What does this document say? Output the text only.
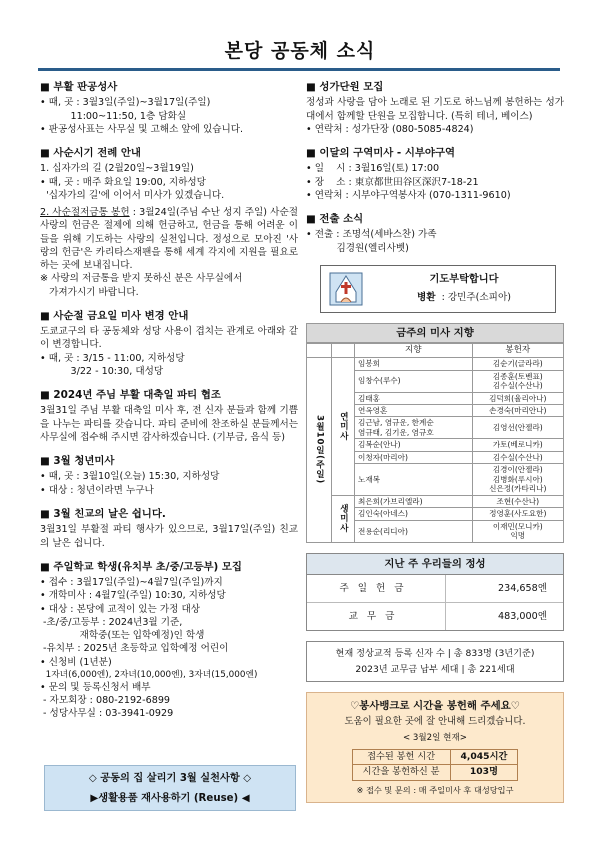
본당 공동체 소식
■ 부활 판공성사
• 때, 곳 : 3월3일(주일)~3월17일(주일)
11:00~11:50, 1층 담화실
• 판공성사표는 사무실 및 고해소 앞에 있습니다.
■ 사순시기 전례 안내
1. 십자가의 길 (2월20일~3월19일)
• 때, 곳 : 매주 화요일 19:00, 지하성당
'십자가의 길'에 이어서 미사가 있겠습니다.
2. 사순절저금통 봉헌 : 3월24일(주님 수난 성지 주일) 사순절 사랑의 헌금은 절제에 의해 헌금하고, 헌금을 통해 어려운 이들을 위해 기도하는 사랑의 실천입니다. 정성으로 모아진 '사랑의 헌금'은 카리타스재팬을 통해 세계 각지에 지원을 필요로 하는 곳에 보내집니다.
※ 사랑의 저금통을 받지 못하신 분은 사무실에서
가져가시기 바랍니다.
■ 사순절 금요일 미사 변경 안내
도쿄교구의 타 공동체와 성당 사용이 겹치는 관계로 아래와 같이 변경합니다.
• 때, 곳 : 3/15 - 11:00, 지하성당
3/22 - 10:30, 대성당
■ 2024년 주님 부활 대축일 파티 협조
3월31일 주님 부활 대축일 미사 후, 전 신자 분들과 함께 기쁨을 나누는 파티를 갖습니다. 파티 준비에 찬조하실 분들께서는 사무실에 접수해 주시면 감사하겠습니다. (기부금, 음식 등)
■ 3월 청년미사
• 때, 곳 : 3월10일(오늘) 15:30, 지하성당
• 대상 : 청년이라면 누구나
■ 3월 친교의 날은 쉽니다.
3월31일 부활절 파티 행사가 있으므로, 3월17일(주일) 친교의 날은 쉽니다.
■ 주일학교 학생(유치부 초/중/고등부) 모집
• 접수 : 3월17일(주일)~4월7일(주일)까지
• 개학미사 : 4월7일(주일) 10:30, 지하성당
• 대상 : 본당에 교적이 있는 가정 대상
-초/중/고등부 : 2024년3월 기준,
재학중(또는 입학예정)인 학생
-유치부 : 2025년 초등학교 입학예정 어린이
• 신청비 (1년분)
1자녀(6,000엔), 2자녀(10,000엔), 3자녀(15,000엔)
• 문의 및 등록신청서 배부
- 자모회장 : 080-2192-6899
- 성당사무실 : 03-3941-0929
◇ 공동의 집 살리기 3월 실천사항 ◇
▶생활용품 재사용하기 (Reuse) ◀
■ 성가단원 모집
정성과 사랑을 담아 노래로 된 기도로 하느님께 봉헌하는 성가대에서 함께할 단원을 모집합니다. (특히 테너, 베이스)
• 연락처 : 성가단장 (080-5085-4824)
■ 이달의 구역미사 - 시부야구역
• 일    시 : 3월16일(토) 17:00
• 장    소 : 東京都世田谷区深沢7-18-21
• 연락처 : 시부야구역봉사자 (070-1311-9610)
■ 전출 소식
• 전출 : 조명석(세바스찬) 가족
김경원(엘리사벳)
기도부탁합니다
병환 : 강민주(소피아)
금주의 미사 지향
		지향	봉헌자
3월10일(주일)	연미사	임봉희	김순기(글라라)
		임창수(루수)	김종훈(토벤표)
김수실(수산나)
		김태홍	김덕희(율리아나)
		연옥영혼	손경숙(마리안나)
		김근남, 염규운, 한계순
염규태, 김기운, 염규호	김영선(안젤라)
		김복순(안나)	가토(베로니카)
		이청자(마리아)	김수실(수산나)
		노재복	김경이(안젤라)
김병화(루시아)
신은정(카타리나)
	생미사	최은희(가브리엘라)	조현(수산나)
		김인숙(아네스)	정영훈(사도요한)
		전용순(리디아)	이재민(모니카)
익명
지난 주 우리들의 정성
주일헌금	234,658엔
교무금	483,000엔
현재 정상교적 등록 신자 수 | 총 833명 (3년기준)
2023년 교무금 납부 세대 | 총 221세대
♡봉사뱅크로 시간을 봉헌해 주세요♡
도움이 필요한 곳에 잘 안내해 드리겠습니다.
< 3월2일 현재>
접수된 봉헌 시간	4,045시간
시간을 봉헌하신 분	103명
※ 접수 및 문의 : 매 주일미사 후 대성당입구
